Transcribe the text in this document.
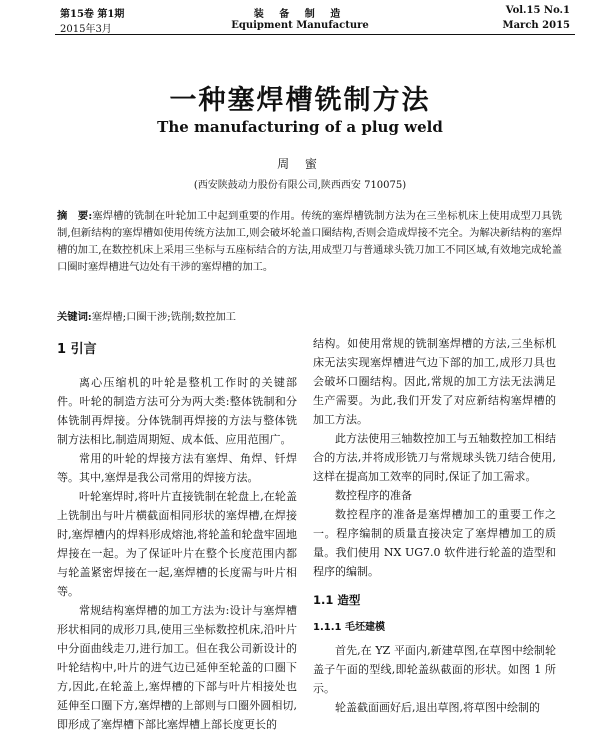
第15卷 第1期
2015年3月
装 备 制 造
Equipment Manufacture
Vol.15 No.1
March 2015
一种塞焊槽铣制方法
The manufacturing of a plug weld
周 蜜
(西安陕鼓动力股份有限公司,陕西西安 710075)
摘　要:塞焊槽的铣制在叶轮加工中起到重要的作用。传统的塞焊槽铣制方法为在三坐标机床上使用成型刀具铣制,但新结构的塞焊槽如使用传统方法加工,则会破坏轮盖口圈结构,否则会造成焊接不完全。为解决新结构的塞焊槽的加工,在数控机床上采用三坐标与五座标结合的方法,用成型刀与普通球头铣刀加工不同区域,有效地完成轮盖口圈时塞焊槽进气边处有干涉的塞焊槽的加工。
关键词:塞焊槽;口圈干涉;铣削;数控加工
1 引言

离心压缩机的叶轮是整机工作时的关键部件。叶轮的制造方法可分为两大类:整体铣制和分体铣制再焊接。分体铣制再焊接的方法与整体铣制方法相比,制造周期短、成本低、应用范围广。

常用的叶轮的焊接方法有塞焊、角焊、钎焊等。其中,塞焊是我公司常用的焊接方法。

叶轮塞焊时,将叶片直接铣制在轮盘上,在轮盖上铣制出与叶片横截面相同形状的塞焊槽,在焊接时,塞焊槽内的焊料形成熔池,将轮盖和轮盘牢固地焊接在一起。为了保证叶片在整个长度范围内都与轮盖紧密焊接在一起,塞焊槽的长度需与叶片相等。

常规结构塞焊槽的加工方法为:设计与塞焊槽形状相同的成形刀具,使用三坐标数控机床,沿叶片中分面曲线走刀,进行加工。但在我公司新设计的叶轮结构中,叶片的进气边已延伸至轮盖的口圈下方,因此,在轮盖上,塞焊槽的下部与叶片相接处也延伸至口圈下方,塞焊槽的上部则与口圈外圆相切,即形成了塞焊槽下部比塞焊槽上部长度更长的

结构。如使用常规的铣制塞焊槽的方法,三坐标机床无法实现塞焊槽进气边下部的加工,成形刀具也会破坏口圈结构。因此,常规的加工方法无法满足生产需要。为此,我们开发了对应新结构塞焊槽的加工方法。

此方法使用三轴数控加工与五轴数控加工相结合的方法,并将成形铣刀与常规球头铣刀结合使用,这样在提高加工效率的同时,保证了加工需求。

数控程序的准备

数控程序的准备是塞焊槽加工的重要工作之一。程序编制的质量直接决定了塞焊槽加工的质量。我们使用 NX UG7.0 软件进行轮盖的造型和程序的编制。

1.1 造型
1.1.1 毛坯建模

首先,在 YZ 平面内,新建草图,在草图中绘制轮盖子午面的型线,即轮盖纵截面的形状。如图 1 所示。

轮盖截面画好后,退出草图,将草图中绘制的
